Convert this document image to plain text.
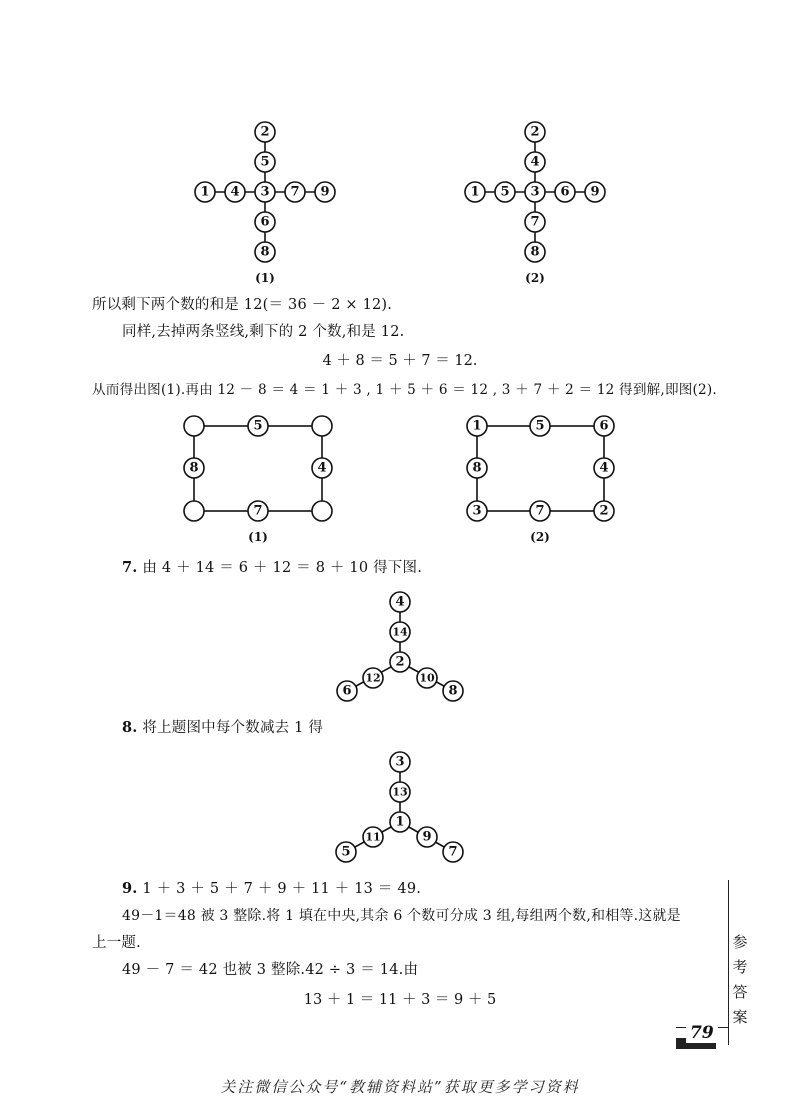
2
5
3
6
8
1 4	7 9
(1)
2
4
3
7
8
1 5	6 9
(2)
5
8	4
7
(1)
1	5	6
8	4
3	7	2
(2)
4
14
2
12
6
10
8
3
13
1
11
5
9
7
所以剩下两个数的和是 12(＝ 36 － 2 × 12).
同样,去掉两条竖线,剩下的 2 个数,和是 12.
4 ＋ 8 ＝ 5 ＋ 7 ＝ 12.
从而得出图(1).再由 12 － 8 ＝ 4 ＝ 1 ＋ 3 , 1 ＋ 5 ＋ 6 ＝ 12 , 3 ＋ 7 ＋ 2 ＝ 12 得到解,即图(2).
7. 由 4 ＋ 14 ＝ 6 ＋ 12 ＝ 8 ＋ 10 得下图.
8. 将上题图中每个数减去 1 得
9. 1 ＋ 3 ＋ 5 ＋ 7 ＋ 9 ＋ 11 ＋ 13 ＝ 49.
49－1＝48 被 3 整除.将 1 填在中央,其余 6 个数可分成 3 组,每组两个数,和相等.这就是
上一题.
49 － 7 ＝ 42 也被 3 整除.42 ÷ 3 ＝ 14.由
13 ＋ 1 ＝ 11 ＋ 3 ＝ 9 ＋ 5
参
考
答
案
79
关注微信公众号“教辅资料站”获取更多学习资料
